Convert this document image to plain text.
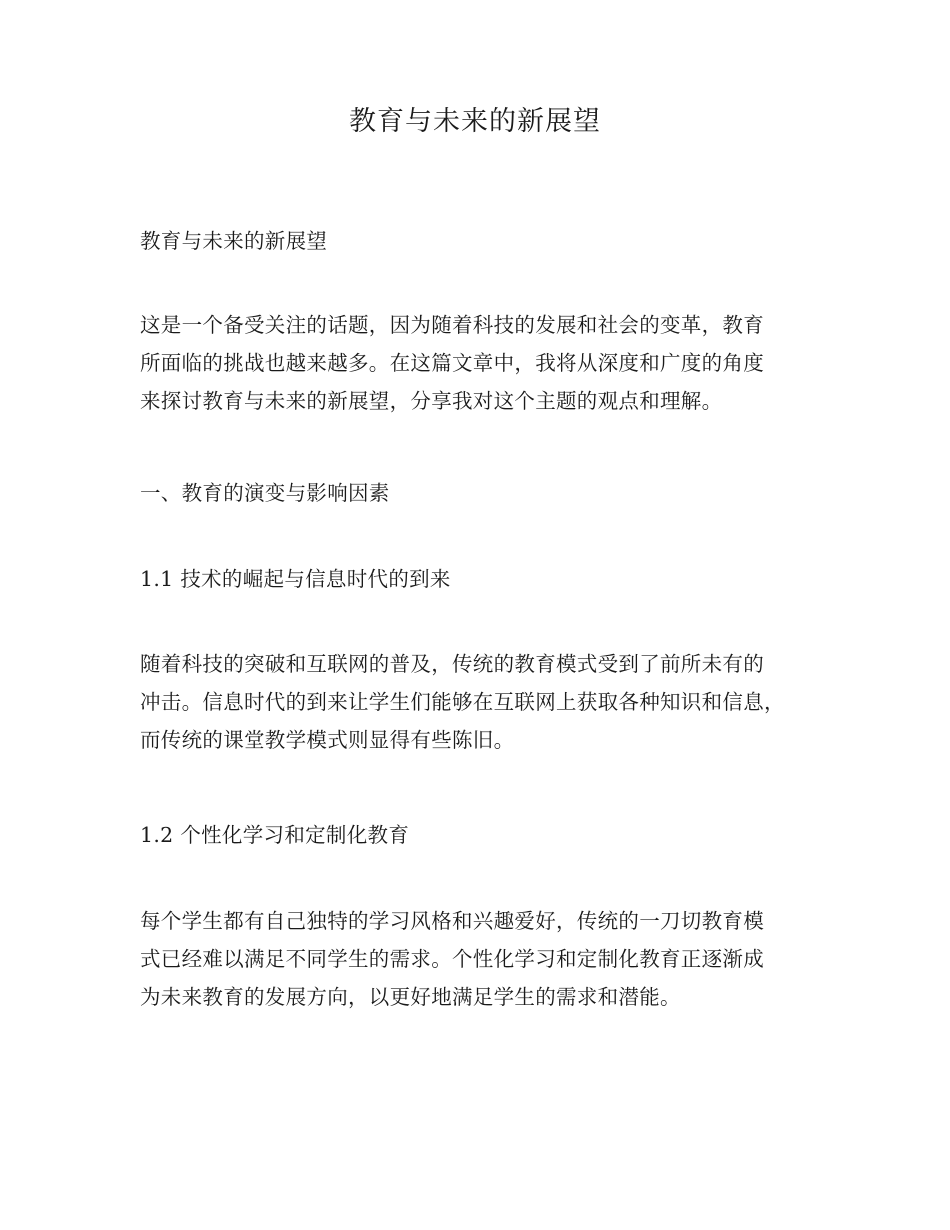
教育与未来的新展望

教育与未来的新展望

这是一个备受关注的话题，因为随着科技的发展和社会的变革，教育
所面临的挑战也越来越多。在这篇文章中，我将从深度和广度的角度
来探讨教育与未来的新展望，分享我对这个主题的观点和理解。

一、教育的演变与影响因素

1.1 技术的崛起与信息时代的到来

随着科技的突破和互联网的普及，传统的教育模式受到了前所未有的
冲击。信息时代的到来让学生们能够在互联网上获取各种知识和信息，
而传统的课堂教学模式则显得有些陈旧。

1.2 个性化学习和定制化教育

每个学生都有自己独特的学习风格和兴趣爱好，传统的一刀切教育模
式已经难以满足不同学生的需求。个性化学习和定制化教育正逐渐成
为未来教育的发展方向，以更好地满足学生的需求和潜能。
